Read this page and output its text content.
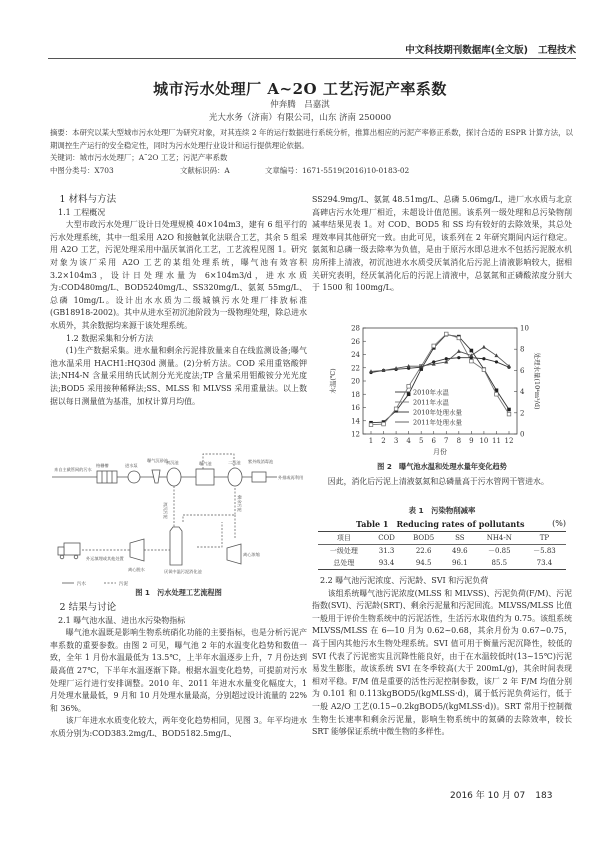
中文科技期刊数据库(全文版) 工程技术
城市污水处理厂 A~2O 工艺污泥产率系数
仲奔腾　吕嘉淇
光大水务（济南）有限公司，山东 济南 250000
摘要：本研究以某大型城市污水处理厂为研究对象，对其连续 2 年的运行数据进行系统分析，推算出相应的污泥产率修正系数，探讨合适的 ESPR 计算方法，以期调控生产运行的安全稳定性，同时为污水处理行业设计和运行提供理论依据。
关键词：城市污水处理厂；A˜2O 工艺；污泥产率系数
中图分类号：X703	文献标识码：A	文章编号：1671-5519(2016)10-0183-02
1 材料与方法
1.1 工程概况
大型市政污水处理厂设计日处理规模 40×104m3，建有 6 组平行的污水处理系统，其中一组采用 A2O 和接触氧化法联合工艺，其余 5 组采用 A2O 工艺，污泥处理采用中温厌氧消化工艺，工艺流程见图 1。研究对象为该厂采用 A2O 工艺的某组处理系统，曝气池有效容积 3.2×104m3，设计日处理水量为 6×104m3/d，进水水质为:COD480mg/L、BOD5240mg/L、SS320mg/L、氨氮 55mg/L、总磷 10mg/L。设计出水水质为二级城镇污水处理厂排放标准(GB18918-2002)。其中从进水至初沉池阶段为一级物理处理，除总进水水质外，其余数据均来源于该处理系统。
1.2 数据采集和分析方法
(1)生产数据采集。进水量和剩余污泥排放量来自在线监测设备;曝气池水温采用 HACH1:HQ30d 测量。(2)分析方法。COD 采用重铬酸钾法;NH4-N 含量采用纳氏试剂分光光度法;TP 含量采用钼酸铵分光光度法;BOD5 采用接种稀释法;SS、MLSS 和 MLVSS 采用重量法。以上数据以每日测量值为基准，加权计算月均值。
来自主截管网的污水
格栅槽	进水泵
曝气沉砂池
初沉池	曝气池	二沉池 紫外线消毒池
外排或再利用
初沉污泥	剩余污泥
离心浓缩
厌氧中温污泥消化池
离心脱水
外运填埋或其他处置
污水	污泥
图 1　污水处理工艺流程图
2 结果与讨论
2.1 曝气池水温、进出水污染物指标
曝气池水温既是影响生物系统硝化功能的主要指标，也是分析污泥产率系数的重要参数。由图 2 可见，曝气池 2 年的水温变化趋势和数值一致，全年 1 月份水温最低为 13.5℃，上半年水温逐步上升，7 月份达到最高值 27℃，下半年水温逐渐下降。根据水温变化趋势，可提前对污水处理厂运行进行安排调整。2010 年、2011 年进水水量变化幅度大，1 月处理水量最低，9 月和 10 月处理水量最高，分别超过设计流量的 22%和 36%。
该厂年进水水质变化较大，两年变化趋势相同，见图 3。年平均进水水质分别为:COD383.2mg/L、BOD5182.5mg/L、
SS294.9mg/L、氨氮 48.51mg/L、总磷 5.06mg/L，进厂水水质与北京高碑店污水处理厂相近，未超设计值范围。该系列一级处理和总污染物削减率结果见表 1。对 COD、BOD5 和 SS 均有较好的去除效果，其总处理效率同其他研究一致。由此可见，该系列在 2 年研究期间内运行稳定。氨氮和总磷一级去除率为负值，是由于原污水即总进水不包括污泥脱水机房所排上清液，初沉池进水水质受厌氧消化后污泥上清液影响较大，据相关研究表明，经厌氧消化后的污泥上清液中，总氨氮和正磷酸浓度分别大于 1500 和 100mg/L。
12
14
16
18
20
22
24
26
28
0
2
4
6
8
10
1 2 3 4 5 6 7 8 9 10 11 12
月份
水温(℃)	处理水量(10⁴m³/d)
2010年水温
2011年水温
2010年处理水量
2011年处理水量
图 2　曝气池水温和处理水量年变化趋势
因此，消化后污泥上清液氨氮和总磷量高于污水管网干管进水。
表 1　污染物削减率
Table 1　Reducing rates of pollutants	(%)
项目	COD	BOD5	SS	NH4-N	TP
一级处理	31.3	22.6	49.6	－0.85	－5.83
总处理	93.4	94.5	96.1	85.5	73.4
2.2 曝气池污泥浓度、污泥龄、SVI 和污泥负荷
该组系统曝气池污泥浓度(MLSS 和 MLVSS)、污泥负荷(F/M)、污泥指数(SVI)、污泥龄(SRT)、剩余污泥量和污泥回流。MLVSS/MLSS 比值一般用于评价生物系统中的污泥活性，生活污水取值约为 0.75。该组系统 MLVSS/MLSS 在 6—10 月为 0.62~0.68，其余月份为 0.67~0.75，高于国内其他污水生物处理系统。SVI 值可用于衡量污泥沉降性，较低的 SVI 代表了污泥密实且沉降性能良好，由于在水温较低时(13~15℃)污泥易发生膨胀，故该系统 SVI 在冬季较高(大于 200mL/g)，其余时间表现相对平稳。F/M 值是重要的活性污泥控制参数，该厂 2 年 F/M 均值分别为 0.101 和 0.113kgBOD5/(kgMLSS·d)，属于低污泥负荷运行，低于一般 A2/O 工艺(0.15~0.2kgBOD5/(kgMLSS·d))。SRT 常用于控制微生物生长速率和剩余污泥量，影响生物系统中的氮磷的去除效率，较长 SRT 能够保证系统中微生物的多样性。
2016 年 10 月 07 183
